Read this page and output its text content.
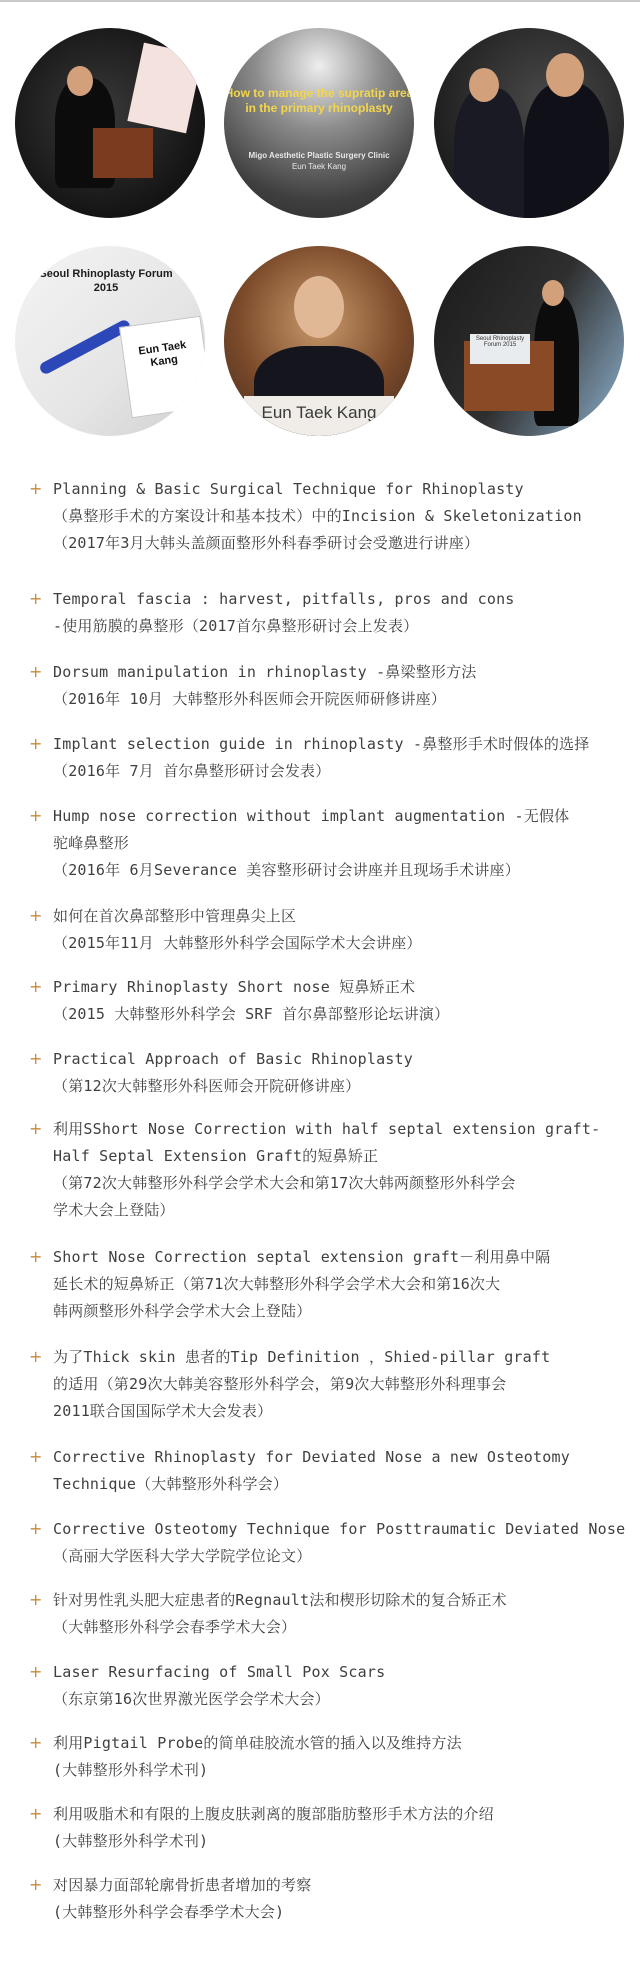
How to manage the supratip area in the primary rhinoplasty
Migo Aesthetic Plastic Surgery Clinic
Eun Taek Kang
Seoul Rhinoplasty Forum
2015
Eun Taek Kang
Eun Taek Kang
Seoul Rhinoplasty Forum 2015
+ Planning & Basic Surgical Technique for Rhinoplasty
（鼻整形手术的方案设计和基本技术）中的Incision & Skeletonization
（2017年3月大韩头盖颜面整形外科春季研讨会受邀进行讲座）
+ Temporal fascia : harvest, pitfalls, pros and cons
-使用筋膜的鼻整形（2017首尔鼻整形研讨会上发表）
+ Dorsum manipulation in rhinoplasty -鼻梁整形方法
（2016年 10月 大韩整形外科医师会开院医师研修讲座）
+ Implant selection guide in rhinoplasty -鼻整形手术时假体的选择
（2016年 7月 首尔鼻整形研讨会发表）
+ Hump nose correction without implant augmentation -无假体
驼峰鼻整形
（2016年 6月Severance 美容整形研讨会讲座并且现场手术讲座）
+ 如何在首次鼻部整形中管理鼻尖上区
（2015年11月 大韩整形外科学会国际学术大会讲座）
+ Primary Rhinoplasty Short nose 短鼻矫正术
（2015 大韩整形外科学会 SRF 首尔鼻部整形论坛讲演）
+ Practical Approach of Basic Rhinoplasty
（第12次大韩整形外科医师会开院研修讲座）
+ 利用SShort Nose Correction with half septal extension graft-
Half Septal Extension Graft的短鼻矫正
（第72次大韩整形外科学会学术大会和第17次大韩两颜整形外科学会
学术大会上登陆）
+ Short Nose Correction septal extension graft－利用鼻中隔
延长术的短鼻矫正（第71次大韩整形外科学会学术大会和第16次大
韩两颜整形外科学会学术大会上登陆）
+ 为了Thick skin 患者的Tip Definition ，Shied-pillar graft
的适用（第29次大韩美容整形外科学会，第9次大韩整形外科理事会
2011联合国国际学术大会发表）
+ Corrective Rhinoplasty for Deviated Nose a new Osteotomy
Technique（大韩整形外科学会）
+ Corrective Osteotomy Technique for Posttraumatic Deviated Nose
（高丽大学医科大学大学院学位论文）
+ 针对男性乳头肥大症患者的Regnault法和楔形切除术的复合矫正术
（大韩整形外科学会春季学术大会）
+ Laser Resurfacing of Small Pox Scars
（东京第16次世界激光医学会学术大会）
+ 利用Pigtail Probe的简单硅胶流水管的插入以及维持方法
(大韩整形外科学术刊)
+ 利用吸脂术和有限的上腹皮肤剥离的腹部脂肪整形手术方法的介绍
(大韩整形外科学术刊)
+ 对因暴力面部轮廓骨折患者增加的考察
(大韩整形外科学会春季学术大会)
